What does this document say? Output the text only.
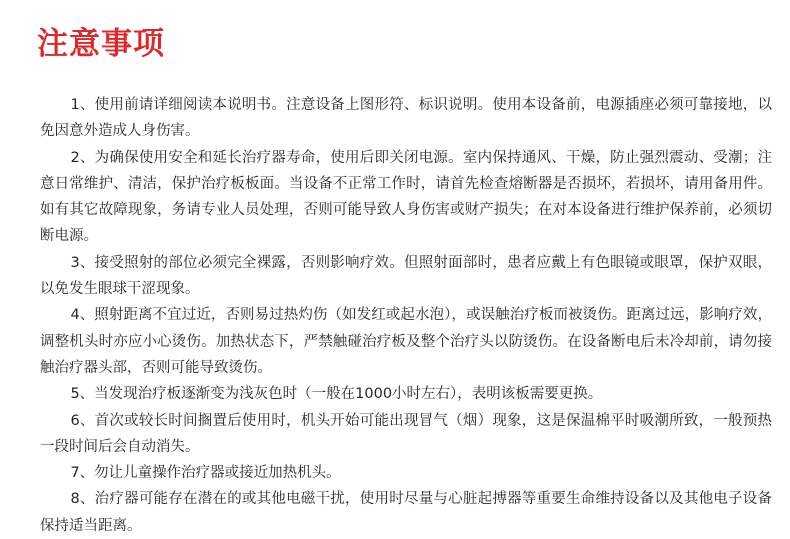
注意事项
1、使用前请详细阅读本说明书。注意设备上图形符、标识说明。使用本设备前，电源插座必须可靠接地，以免因意外造成人身伤害。
2、为确保使用安全和延长治疗器寿命，使用后即关闭电源。室内保持通风、干燥，防止强烈震动、受潮；注意日常维护、清洁，保护治疗板板面。当设备不正常工作时，请首先检查熔断器是否损坏，若损坏，请用备用件。如有其它故障现象，务请专业人员处理，否则可能导致人身伤害或财产损失；在对本设备进行维护保养前，必须切断电源。
3、接受照射的部位必须完全裸露，否则影响疗效。但照射面部时，患者应戴上有色眼镜或眼罩，保护双眼，以免发生眼球干涩现象。
4、照射距离不宜过近，否则易过热灼伤（如发红或起水泡），或误触治疗板而被烫伤。距离过远，影响疗效，调整机头时亦应小心烫伤。加热状态下，严禁触碰治疗板及整个治疗头以防烫伤。在设备断电后未冷却前，请勿接触治疗器头部，否则可能导致烫伤。
5、当发现治疗板逐渐变为浅灰色时（一般在1000小时左右），表明该板需要更换。
6、首次或较长时间搁置后使用时，机头开始可能出现冒气（烟）现象，这是保温棉平时吸潮所致，一般预热一段时间后会自动消失。
7、勿让儿童操作治疗器或接近加热机头。
8、治疗器可能存在潜在的或其他电磁干扰，使用时尽量与心脏起搏器等重要生命维持设备以及其他电子设备保持适当距离。
